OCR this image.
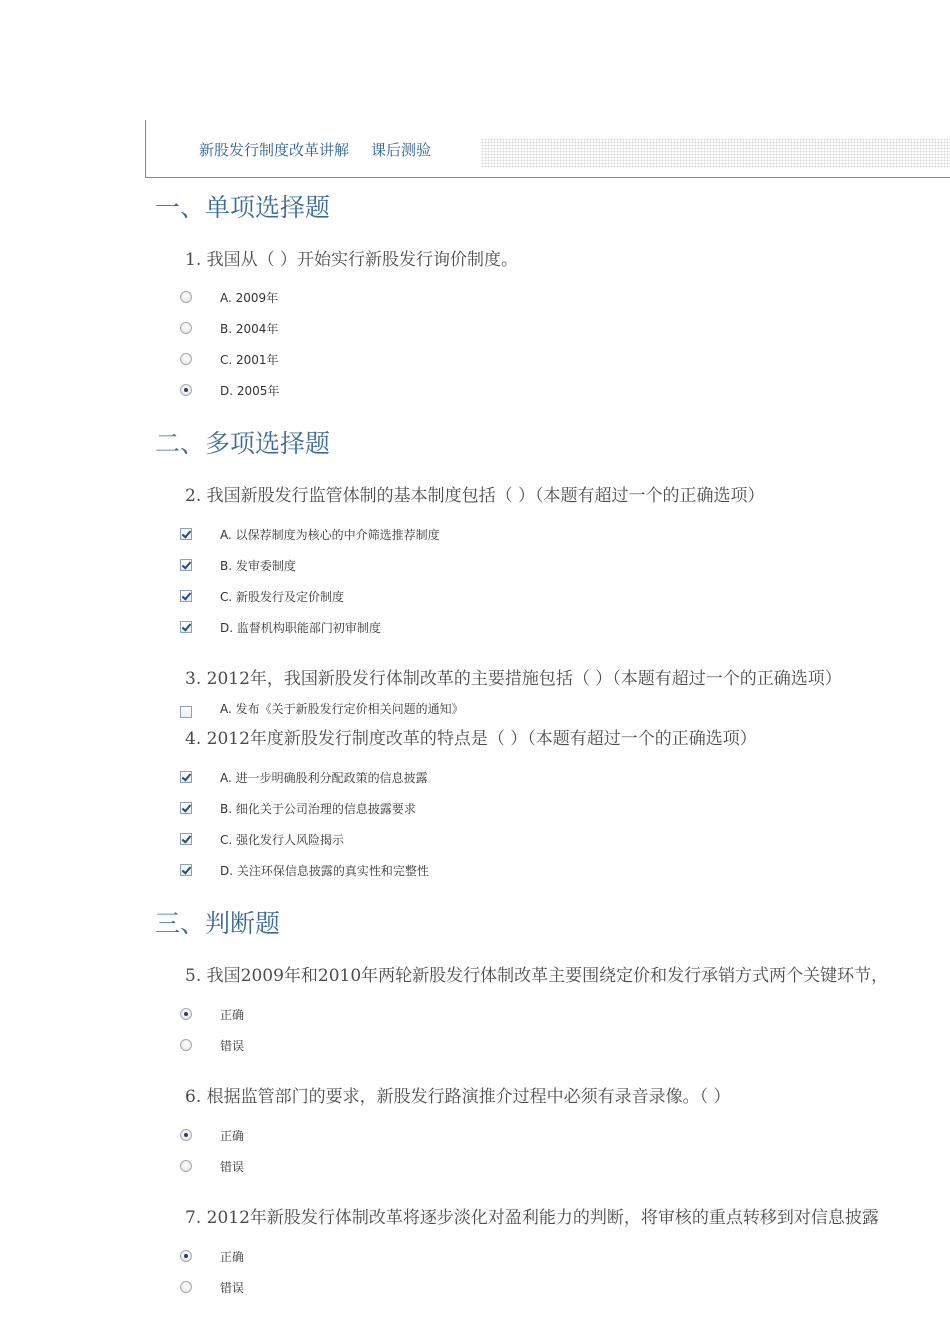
新股发行制度改革讲解 课后测验
一、单项选择题
1. 我国从（ ）开始实行新股发行询价制度。
A. 2009年
B. 2004年
C. 2001年
D. 2005年
二、多项选择题
2. 我国新股发行监管体制的基本制度包括（ ）（本题有超过一个的正确选项）
A. 以保荐制度为核心的中介筛选推荐制度
B. 发审委制度
C. 新股发行及定价制度
D. 监督机构职能部门初审制度
3. 2012年，我国新股发行体制改革的主要措施包括（ ）（本题有超过一个的正确选项）
A. 发布《关于新股发行定价相关问题的通知》
4. 2012年度新股发行制度改革的特点是（ ）（本题有超过一个的正确选项）
A. 进一步明确股利分配政策的信息披露
B. 细化关于公司治理的信息披露要求
C. 强化发行人风险揭示
D. 关注环保信息披露的真实性和完整性
三、判断题
5. 我国2009年和2010年两轮新股发行体制改革主要围绕定价和发行承销方式两个关键环节，
正确
错误
6. 根据监管部门的要求，新股发行路演推介过程中必须有录音录像。（ ）
正确
错误
7. 2012年新股发行体制改革将逐步淡化对盈利能力的判断，将审核的重点转移到对信息披露
正确
错误
